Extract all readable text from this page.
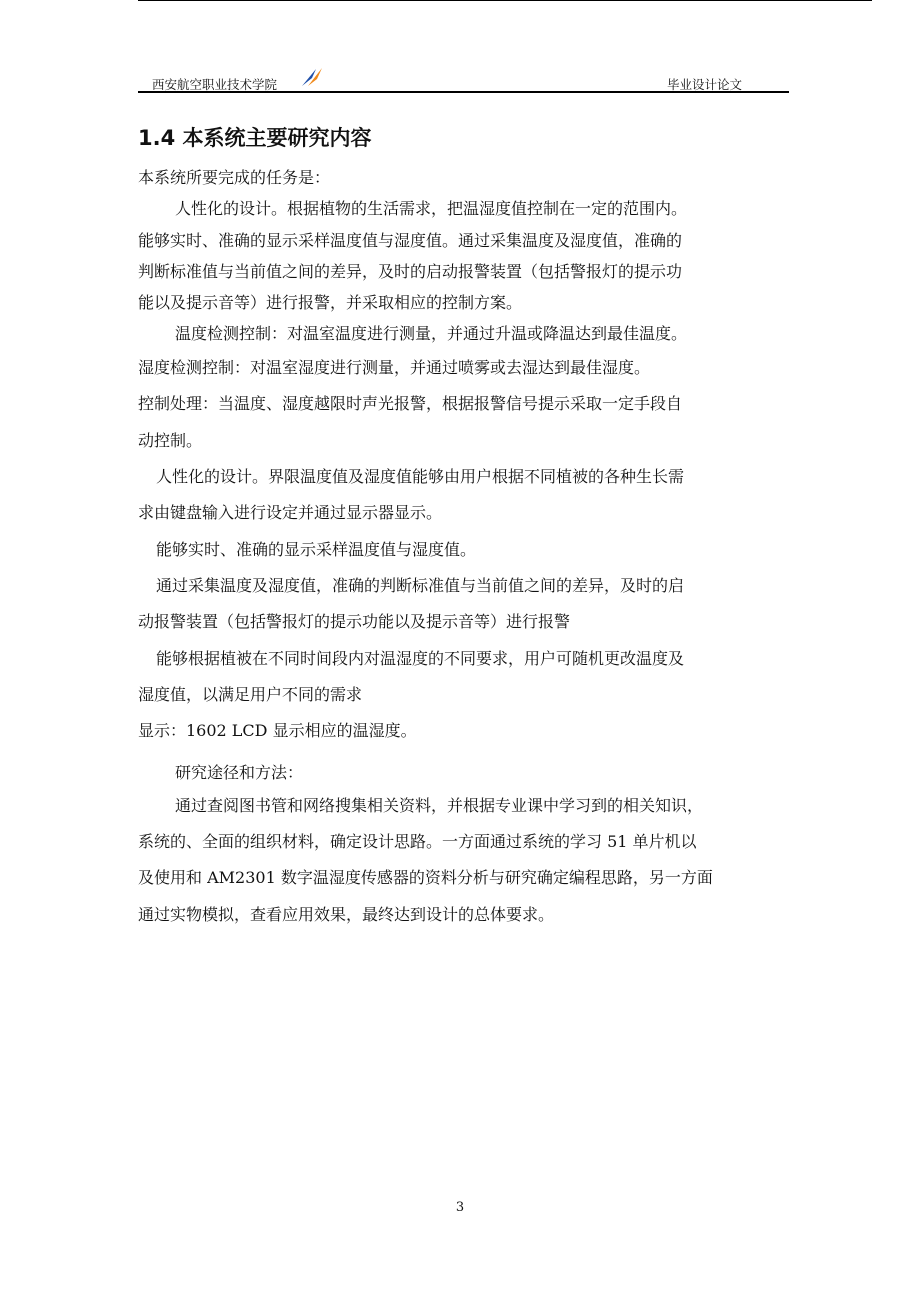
西安航空职业技术学院	毕业设计论文
1.4 本系统主要研究内容
本系统所要完成的任务是：
人性化的设计。根据植物的生活需求，把温湿度值控制在一定的范围内。
能够实时、准确的显示采样温度值与湿度值。通过采集温度及湿度值，准确的
判断标准值与当前值之间的差异，及时的启动报警装置（包括警报灯的提示功
能以及提示音等）进行报警，并采取相应的控制方案。
温度检测控制：对温室温度进行测量，并通过升温或降温达到最佳温度。
湿度检测控制：对温室湿度进行测量，并通过喷雾或去湿达到最佳湿度。
控制处理：当温度、湿度越限时声光报警，根据报警信号提示采取一定手段自
动控制。
人性化的设计。界限温度值及湿度值能够由用户根据不同植被的各种生长需
求由键盘输入进行设定并通过显示器显示。
能够实时、准确的显示采样温度值与湿度值。
通过采集温度及湿度值，准确的判断标准值与当前值之间的差异，及时的启
动报警装置（包括警报灯的提示功能以及提示音等）进行报警
能够根据植被在不同时间段内对温湿度的不同要求，用户可随机更改温度及
湿度值，以满足用户不同的需求
显示：1602 LCD 显示相应的温湿度。
研究途径和方法：
通过查阅图书管和网络搜集相关资料，并根据专业课中学习到的相关知识，
系统的、全面的组织材料，确定设计思路。一方面通过系统的学习 51 单片机以
及使用和 AM2301 数字温湿度传感器的资料分析与研究确定编程思路，另一方面
通过实物模拟，查看应用效果，最终达到设计的总体要求。
3
